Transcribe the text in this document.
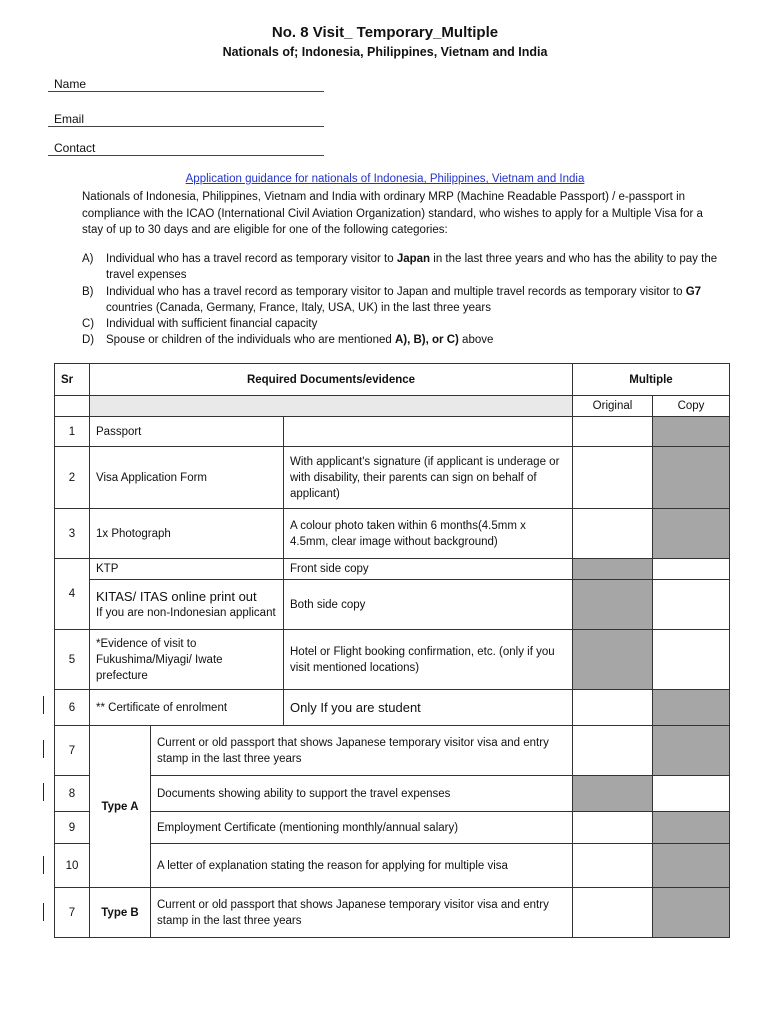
No. 8 Visit_ Temporary_Multiple
Nationals of; Indonesia, Philippines, Vietnam and India
Name
Email
Contact
Application guidance for nationals of Indonesia, Philippines, Vietnam and India
Nationals of Indonesia, Philippines, Vietnam and India with ordinary MRP (Machine Readable Passport) / e-passport in compliance with the ICAO (International Civil Aviation Organization) standard, who wishes to apply for a Multiple Visa for a stay of up to 30 days and are eligible for one of the following categories:
A)	Individual who has a travel record as temporary visitor to Japan in the last three years and who has the ability to pay the travel expenses
B)	Individual who has a travel record as temporary visitor to Japan and multiple travel records as temporary visitor to G7 countries (Canada, Germany, France, Italy, USA, UK) in the last three years
C)	Individual with sufficient financial capacity
D)	Spouse or children of the individuals who are mentioned A), B), or C) above
Sr	Required Documents/evidence			Multiple	
				Original	Copy
1	Passport				
2	Visa Application Form		With applicant's signature (if applicant is underage or with disability, their parents can sign on behalf of applicant)		
3	1x Photograph		A colour photo taken within 6 months(4.5mm x 4.5mm, clear image without background)		
4	KTP		Front side copy		

	KITAS/ ITAS online print out
If you are non-Indonesian applicant		Both side copy		
5	*Evidence of visit to Fukushima/Miyagi/ Iwate prefecture		Hotel or Flight booking confirmation, etc. (only if you visit mentioned locations)		
6	** Certificate of enrolment		Only If you are student		
7	Type A	Current or old passport that shows Japanese temporary visitor visa and entry stamp in the last three years			
8		Documents showing ability to support the travel expenses			
9		Employment Certificate (mentioning monthly/annual salary)			
10		A letter of explanation stating the reason for applying for multiple visa			
7	Type B	Current or old passport that shows Japanese temporary visitor visa and entry stamp in the last three years			
